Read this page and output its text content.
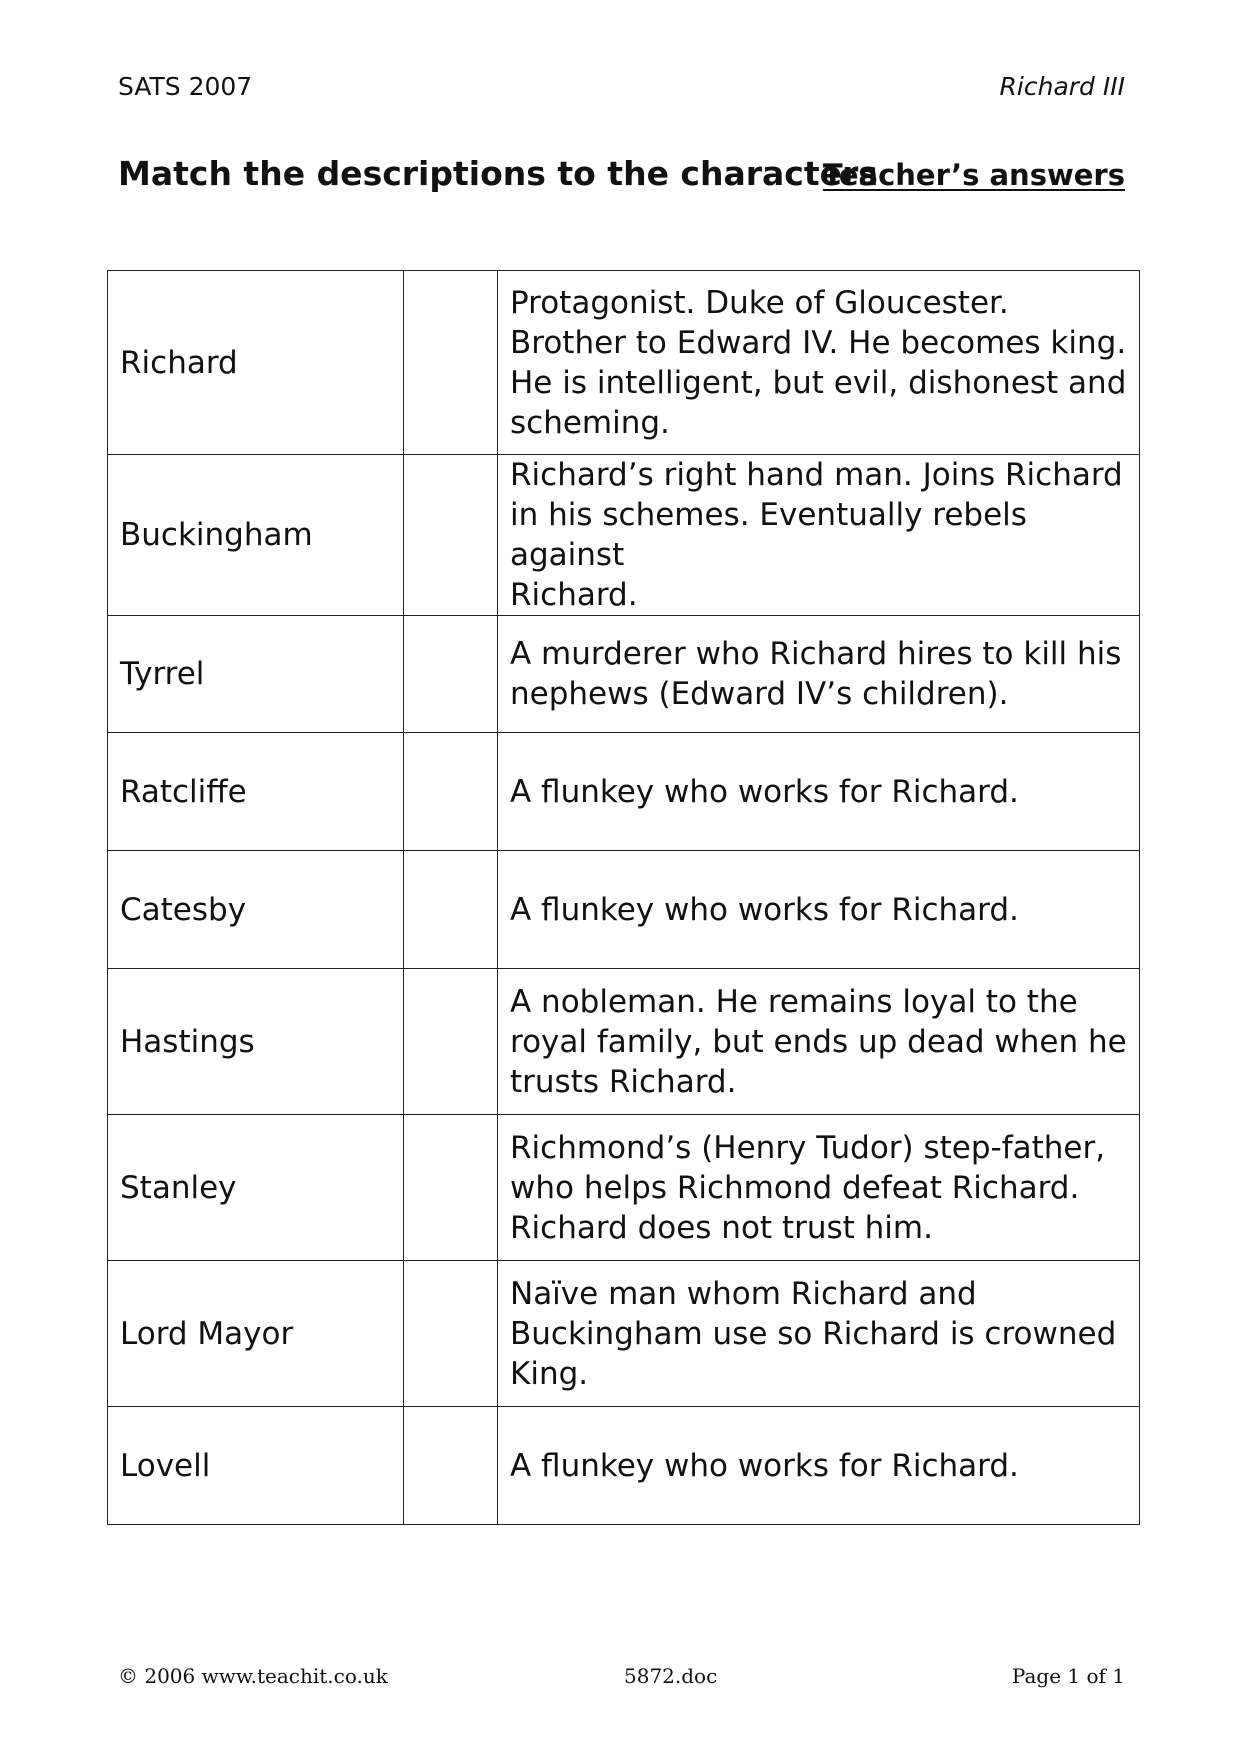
SATS 2007	Richard III
Match the descriptions to the characters
Teacher’s answers
Richard		Protagonist. Duke of Gloucester.
Brother to Edward IV. He becomes king.
He is intelligent, but evil, dishonest and
scheming.
Buckingham		Richard’s right hand man. Joins Richard
in his schemes. Eventually rebels against
Richard.
Tyrrel		A murderer who Richard hires to kill his
nephews (Edward IV’s children).
Ratcliffe		A flunkey who works for Richard.
Catesby		A flunkey who works for Richard.
Hastings		A nobleman. He remains loyal to the
royal family, but ends up dead when he
trusts Richard.
Stanley		Richmond’s (Henry Tudor) step-father,
who helps Richmond defeat Richard.
Richard does not trust him.
Lord Mayor		Naïve man whom Richard and
Buckingham use so Richard is crowned
King.
Lovell		A flunkey who works for Richard.
© 2006 www.teachit.co.uk	5872.doc	Page 1 of 1
